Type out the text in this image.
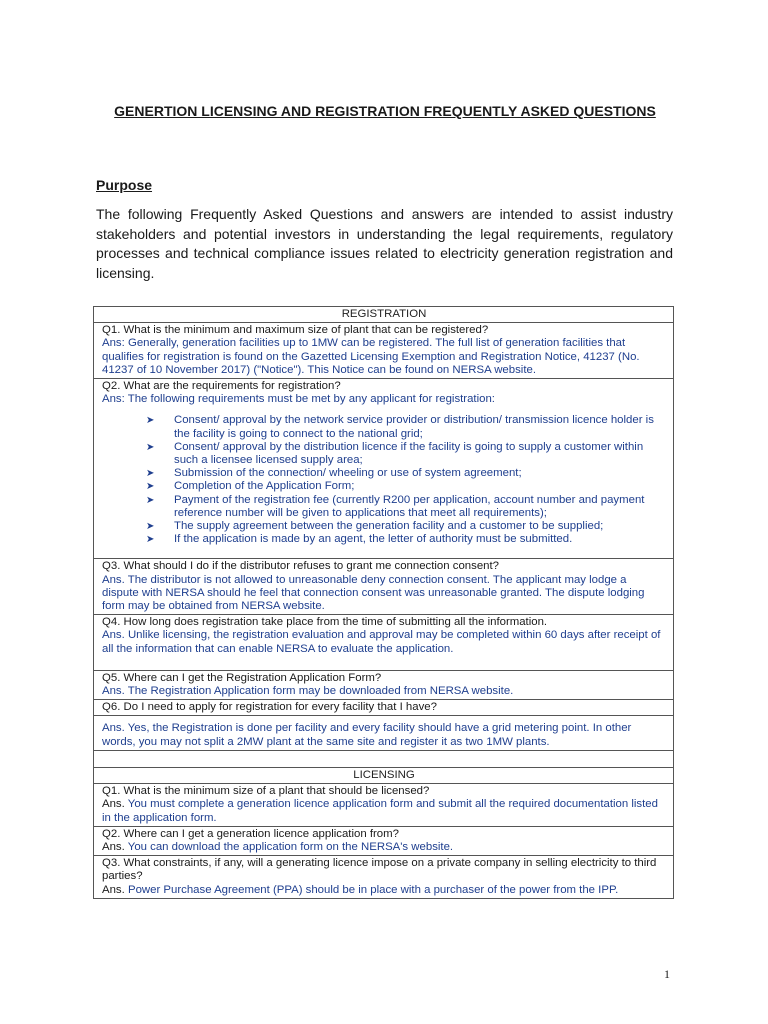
GENERTION LICENSING AND REGISTRATION FREQUENTLY ASKED QUESTIONS
Purpose
The following Frequently Asked Questions and answers are intended to assist industry stakeholders and potential investors in understanding the legal requirements, regulatory processes and technical compliance issues related to electricity generation registration and licensing.
REGISTRATION

Q1. What is the minimum and maximum size of plant that can be registered?
Ans: Generally, generation facilities up to 1MW can be registered. The full list of generation facilities that qualifies for registration is found on the Gazetted Licensing Exemption and Registration Notice, 41237 (No. 41237 of 10 November 2017) ("Notice"). This Notice can be found on NERSA website.

Q2. What are the requirements for registration?
Ans: The following requirements must be met by any applicant for registration:
➤ Consent/ approval by the network service provider or distribution/ transmission licence holder is the facility is going to connect to the national grid;
➤ Consent/ approval by the distribution licence if the facility is going to supply a customer within such a licensee licensed supply area;
➤ Submission of the connection/ wheeling or use of system agreement;
➤ Completion of the Application Form;
➤ Payment of the registration fee (currently R200 per application, account number and payment reference number will be given to applications that meet all requirements);
➤ The supply agreement between the generation facility and a customer to be supplied;
➤ If the application is made by an agent, the letter of authority must be submitted.

Q3. What should I do if the distributor refuses to grant me connection consent?
Ans. The distributor is not allowed to unreasonable deny connection consent. The applicant may lodge a dispute with NERSA should he feel that connection consent was unreasonable granted. The dispute lodging form may be obtained from NERSA website.

Q4. How long does registration take place from the time of submitting all the information.
Ans. Unlike licensing, the registration evaluation and approval may be completed within 60 days after receipt of all the information that can enable NERSA to evaluate the application.

Q5. Where can I get the Registration Application Form?
Ans. The Registration Application form may be downloaded from NERSA website.

Q6. Do I need to apply for registration for every facility that I have?

Ans. Yes, the Registration is done per facility and every facility should have a grid metering point. In other words, you may not split a 2MW plant at the same site and register it as two 1MW plants.

LICENSING

Q1. What is the minimum size of a plant that should be licensed?
Ans. You must complete a generation licence application form and submit all the required documentation listed in the application form.

Q2. Where can I get a generation licence application from?
Ans. You can download the application form on the NERSA's website.

Q3. What constraints, if any, will a generating licence impose on a private company in selling electricity to third parties?
Ans. Power Purchase Agreement (PPA) should be in place with a purchaser of the power from the IPP.
1
